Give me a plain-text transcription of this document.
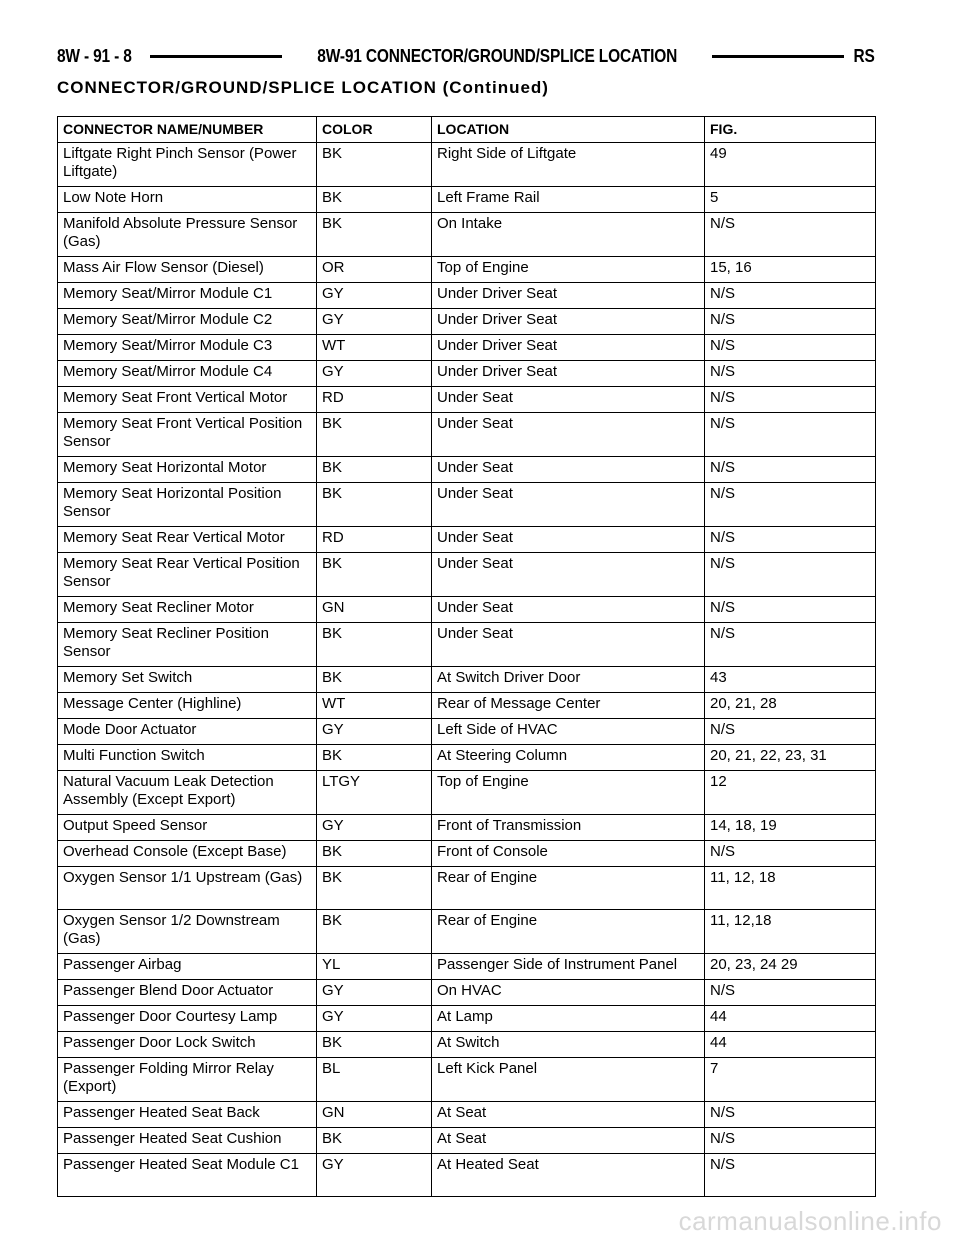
8W - 91 - 8	8W-91 CONNECTOR/GROUND/SPLICE LOCATION	RS
CONNECTOR/GROUND/SPLICE LOCATION (Continued)
CONNECTOR NAME/NUMBER	COLOR	LOCATION	FIG.
Liftgate Right Pinch Sensor (Power Liftgate)	BK	Right Side of Liftgate	49
Low Note Horn	BK	Left Frame Rail	5
Manifold Absolute Pressure Sensor (Gas)	BK	On Intake	N/S
Mass Air Flow Sensor (Diesel)	OR	Top of Engine	15, 16
Memory Seat/Mirror Module C1	GY	Under Driver Seat	N/S
Memory Seat/Mirror Module C2	GY	Under Driver Seat	N/S
Memory Seat/Mirror Module C3	WT	Under Driver Seat	N/S
Memory Seat/Mirror Module C4	GY	Under Driver Seat	N/S
Memory Seat Front Vertical Motor	RD	Under Seat	N/S
Memory Seat Front Vertical Position Sensor	BK	Under Seat	N/S
Memory Seat Horizontal Motor	BK	Under Seat	N/S
Memory Seat Horizontal Position Sensor	BK	Under Seat	N/S
Memory Seat Rear Vertical Motor	RD	Under Seat	N/S
Memory Seat Rear Vertical Position Sensor	BK	Under Seat	N/S
Memory Seat Recliner Motor	GN	Under Seat	N/S
Memory Seat Recliner Position Sensor	BK	Under Seat	N/S
Memory Set Switch	BK	At Switch Driver Door	43
Message Center (Highline)	WT	Rear of Message Center	20, 21, 28
Mode Door Actuator	GY	Left Side of HVAC	N/S
Multi Function Switch	BK	At Steering Column	20, 21, 22, 23, 31
Natural Vacuum Leak Detection Assembly (Except Export)	LTGY	Top of Engine	12
Output Speed Sensor	GY	Front of Transmission	14, 18, 19
Overhead Console (Except Base)	BK	Front of Console	N/S
Oxygen Sensor 1/1 Upstream (Gas)	BK	Rear of Engine	11, 12, 18
Oxygen Sensor 1/2 Downstream (Gas)	BK	Rear of Engine	11, 12,18
Passenger Airbag	YL	Passenger Side of Instrument Panel	20, 23, 24 29
Passenger Blend Door Actuator	GY	On HVAC	N/S
Passenger Door Courtesy Lamp	GY	At Lamp	44
Passenger Door Lock Switch	BK	At Switch	44
Passenger Folding Mirror Relay (Export)	BL	Left Kick Panel	7
Passenger Heated Seat Back	GN	At Seat	N/S
Passenger Heated Seat Cushion	BK	At Seat	N/S
Passenger Heated Seat Module C1	GY	At Heated Seat	N/S
carmanualsonline.info
